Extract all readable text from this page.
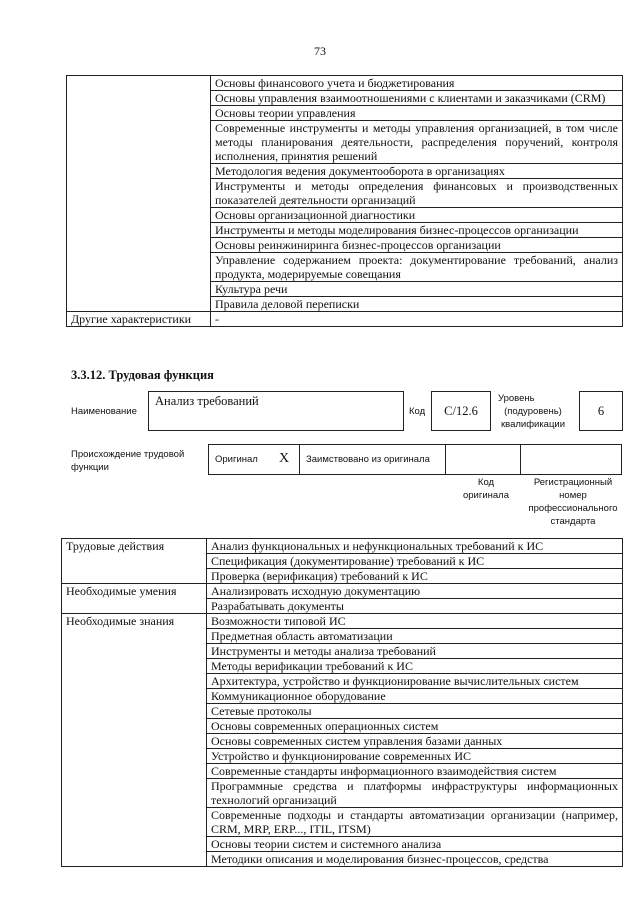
73
	Основы финансового учета и бюджетирования
	Основы управления взаимоотношениями с клиентами и заказчиками (CRM)
	Основы теории управления
	Современные инструменты и методы управления организацией, в том числе методы планирования деятельности, распределения поручений, контроля исполнения, принятия решений
	Методология ведения документооборота в организациях
	Инструменты и методы определения финансовых и производственных показателей деятельности организаций
	Основы организационной диагностики
	Инструменты и методы моделирования бизнес-процессов организации
	Основы реинжиниринга бизнес-процессов организации
	Управление содержанием проекта: документирование требований, анализ продукта, модерируемые совещания
	Культура речи
	Правила деловой переписки
Другие характеристики	-
3.3.12. Трудовая функция
Наименование
Анализ требований
Код	C/12.6
Уровень
(подуровень)
квалификации
6
Происхождение трудовой
функции
Оригинал X Заимствовано из оригинала
Код
оригинала
Регистрационный
номер
профессионального
стандарта
Трудовые действия	Анализ функциональных и нефункциональных требований к ИС
	Спецификация (документирование) требований к ИС
	Проверка (верификация) требований к ИС
Необходимые умения	Анализировать исходную документацию
	Разрабатывать документы
Необходимые знания	Возможности типовой ИС
	Предметная область автоматизации
	Инструменты и методы анализа требований
	Методы верификации требований к ИС
	Архитектура, устройство и функционирование вычислительных систем
	Коммуникационное оборудование
	Сетевые протоколы
	Основы современных операционных систем
	Основы современных систем управления базами данных
	Устройство и функционирование современных ИС
	Современные стандарты информационного взаимодействия систем
	Программные средства и платформы инфраструктуры информационных технологий организаций
	Современные подходы и стандарты автоматизации организации (например, CRM, MRP, ERP..., ITIL, ITSM)
	Основы теории систем и системного анализа
	Методики описания и моделирования бизнес-процессов, средства
